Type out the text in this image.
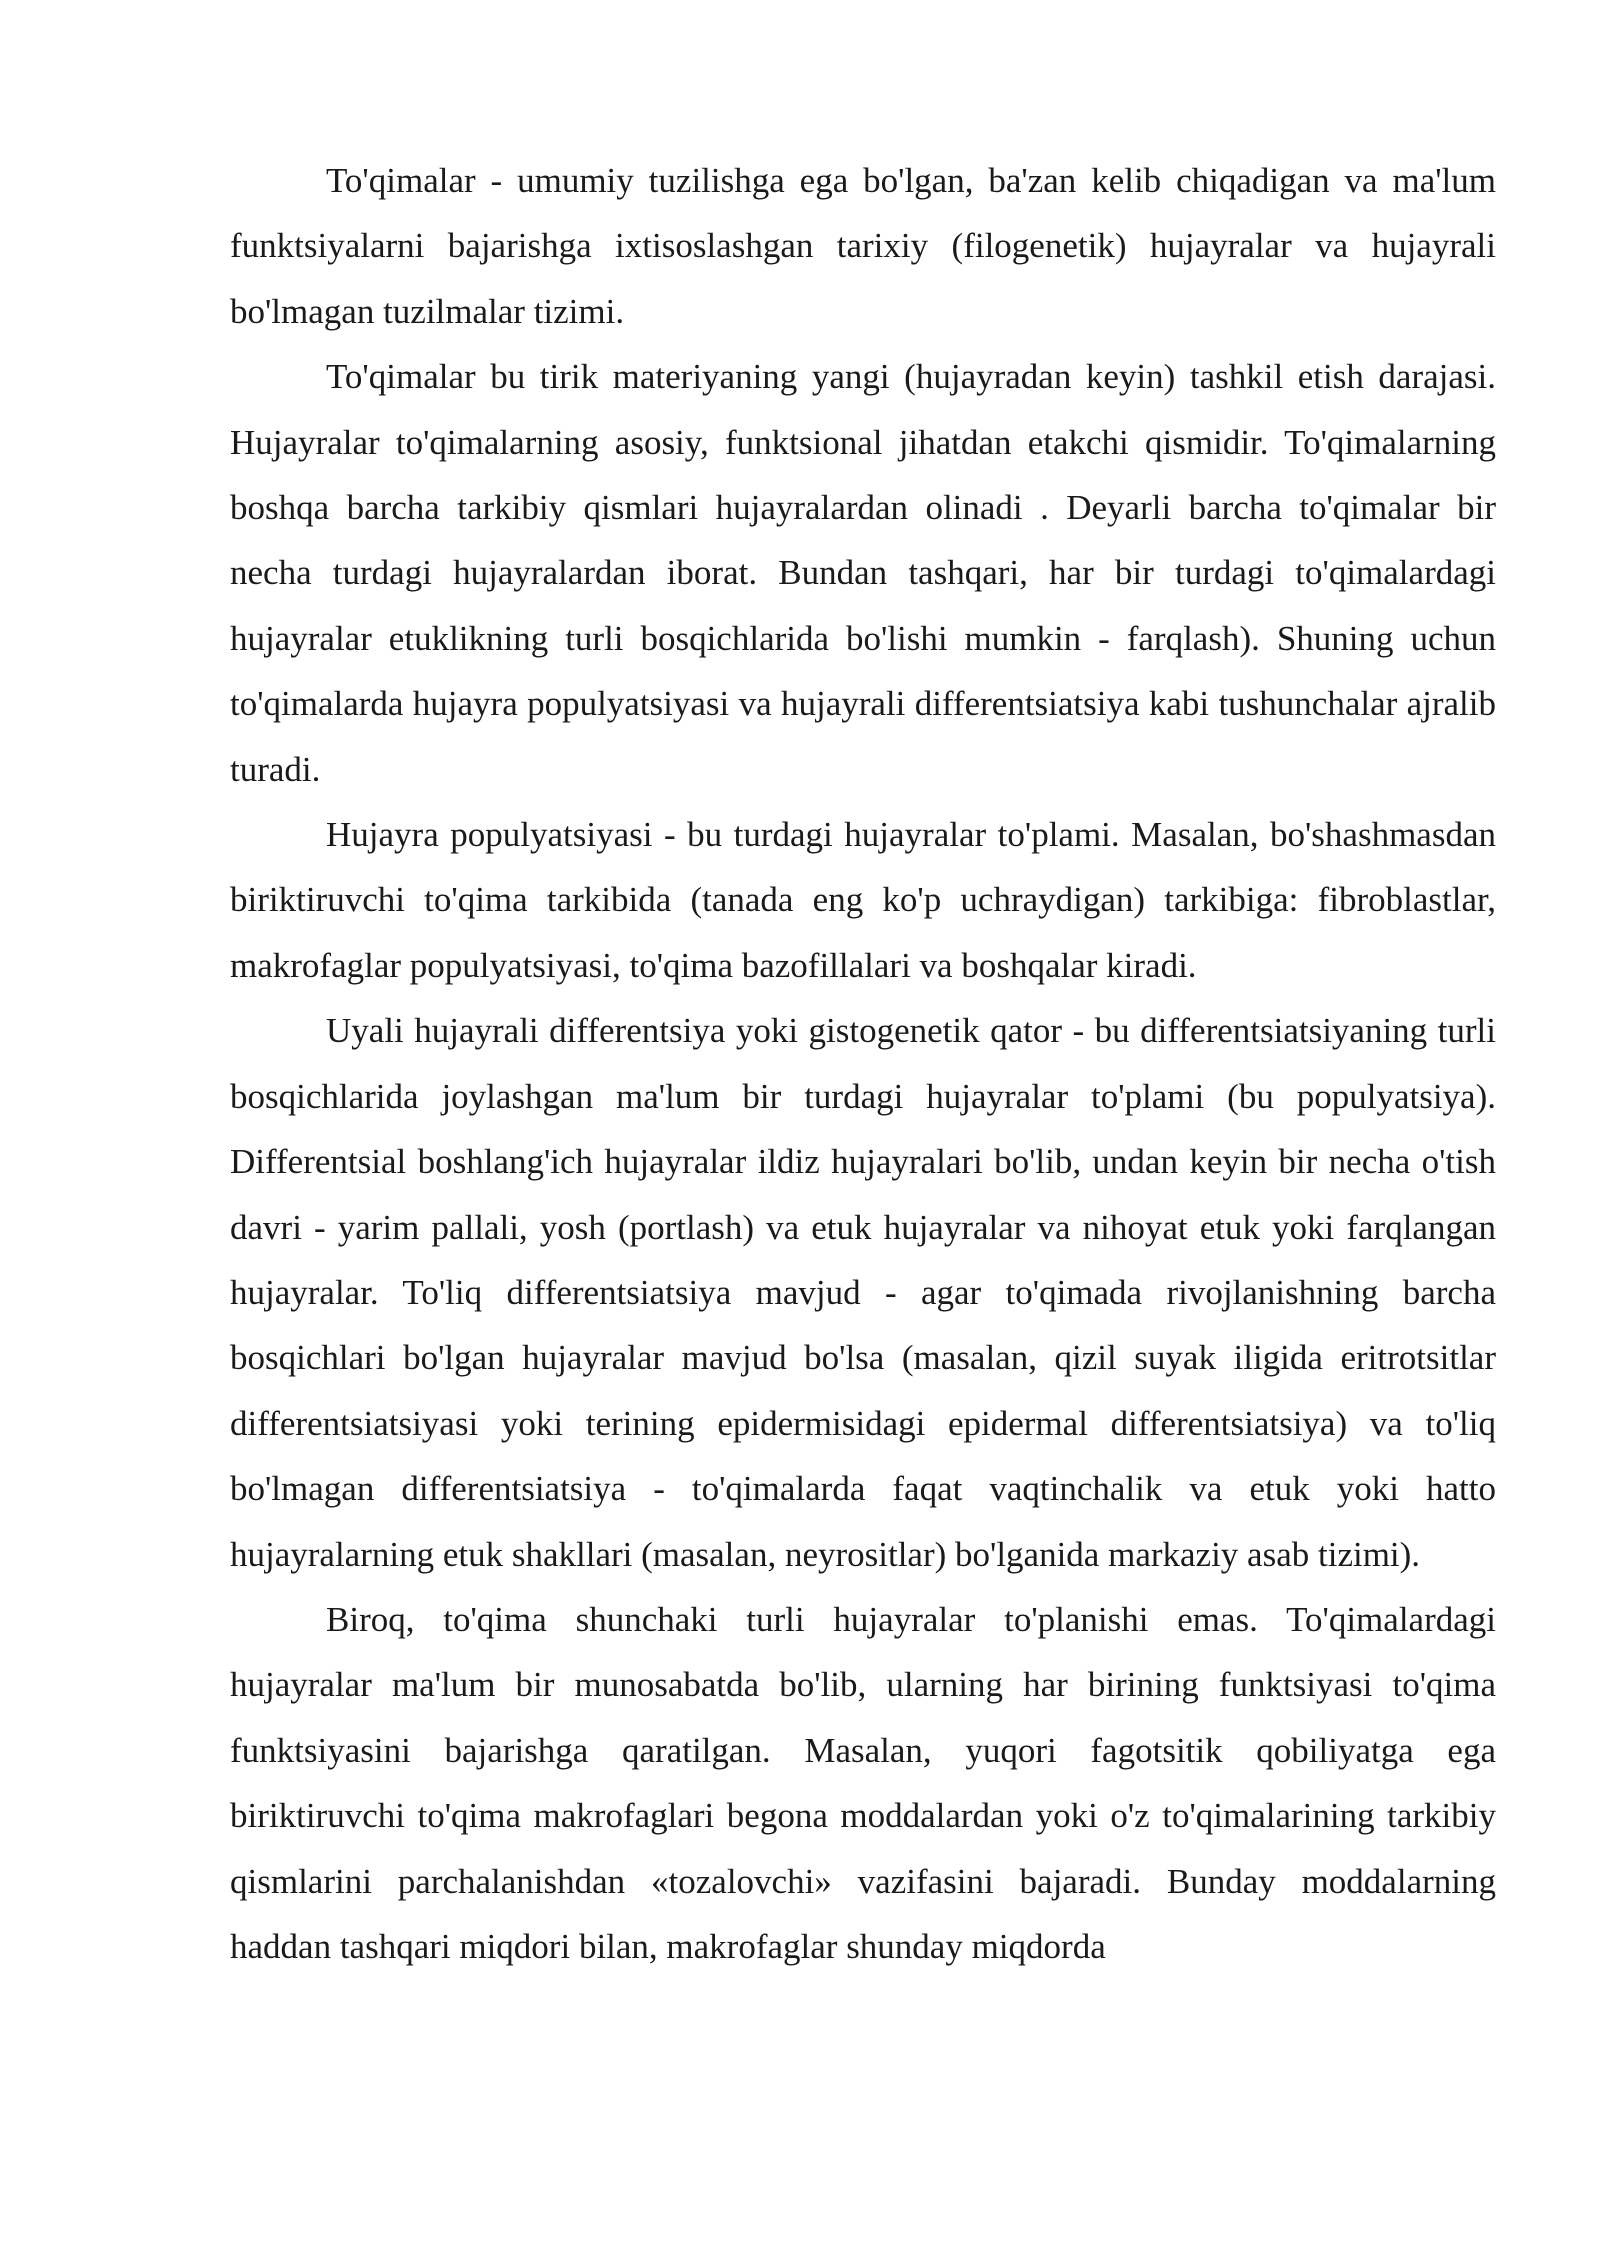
To'qimalar - umumiy tuzilishga ega bo'lgan, ba'zan kelib chiqadigan va ma'lum funktsiyalarni bajarishga ixtisoslashgan tarixiy (filogenetik) hujayralar va hujayrali bo'lmagan tuzilmalar tizimi.

To'qimalar bu tirik materiyaning yangi (hujayradan keyin) tashkil etish darajasi. Hujayralar to'qimalarning asosiy, funktsional jihatdan etakchi qismidir. To'qimalarning boshqa barcha tarkibiy qismlari hujayralardan olinadi . Deyarli barcha to'qimalar bir necha turdagi hujayralardan iborat. Bundan tashqari, har bir turdagi to'qimalardagi hujayralar etuklikning turli bosqichlarida bo'lishi mumkin - farqlash). Shuning uchun to'qimalarda hujayra populyatsiyasi va hujayrali differentsiatsiya kabi tushunchalar ajralib turadi.

Hujayra populyatsiyasi - bu turdagi hujayralar to'plami. Masalan, bo'shashmasdan biriktiruvchi to'qima tarkibida (tanada eng ko'p uchraydigan) tarkibiga: fibroblastlar, makrofaglar populyatsiyasi, to'qima bazofillalari va boshqalar kiradi.

Uyali hujayrali differentsiya yoki gistogenetik qator - bu differentsiatsiyaning turli bosqichlarida joylashgan ma'lum bir turdagi hujayralar to'plami (bu populyatsiya). Differentsial boshlang'ich hujayralar ildiz hujayralari bo'lib, undan keyin bir necha o'tish davri - yarim pallali, yosh (portlash) va etuk hujayralar va nihoyat etuk yoki farqlangan hujayralar. To'liq differentsiatsiya mavjud - agar to'qimada rivojlanishning barcha bosqichlari bo'lgan hujayralar mavjud bo'lsa (masalan, qizil suyak iligida eritrotsitlar differentsiatsiyasi yoki terining epidermisidagi epidermal differentsiatsiya) va to'liq bo'lmagan differentsiatsiya - to'qimalarda faqat vaqtinchalik va etuk yoki hatto hujayralarning etuk shakllari (masalan, neyrositlar) bo'lganida markaziy asab tizimi).

Biroq, to'qima shunchaki turli hujayralar to'planishi emas. To'qimalardagi hujayralar ma'lum bir munosabatda bo'lib, ularning har birining funktsiyasi to'qima funktsiyasini bajarishga qaratilgan. Masalan, yuqori fagotsitik qobiliyatga ega biriktiruvchi to'qima makrofaglari begona moddalardan yoki o'z to'qimalarining tarkibiy qismlarini parchalanishdan «tozalovchi» vazifasini bajaradi. Bunday moddalarning haddan tashqari miqdori bilan, makrofaglar shunday miqdorda
